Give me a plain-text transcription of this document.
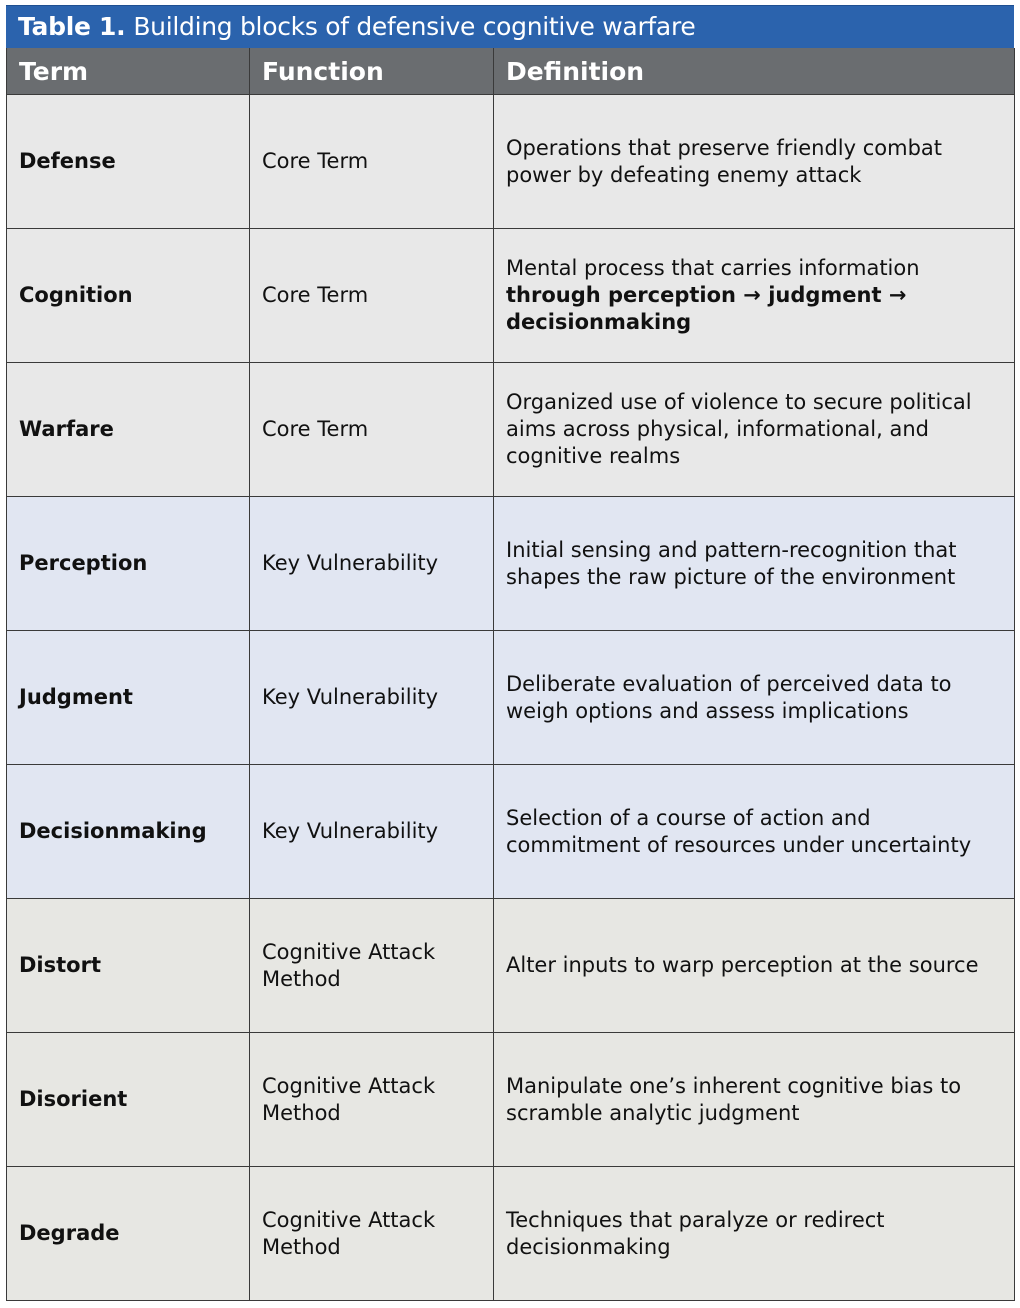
Table 1. Building blocks of defensive cognitive warfare
Term	Function	Definition
Defense	Core Term	Operations that preserve friendly combat power by defeating enemy attack
Cognition	Core Term	Mental process that carries information through perception → judgment → decisionmaking
Warfare	Core Term	Organized use of violence to secure political aims across physical, informational, and cognitive realms
Perception	Key Vulnerability	Initial sensing and pattern-recognition that shapes the raw picture of the environment
Judgment	Key Vulnerability	Deliberate evaluation of perceived data to weigh options and assess implications
Decisionmaking	Key Vulnerability	Selection of a course of action and commitment of resources under uncertainty
Distort	Cognitive Attack Method	Alter inputs to warp perception at the source
Disorient	Cognitive Attack Method	Manipulate one’s inherent cognitive bias to scramble analytic judgment
Degrade	Cognitive Attack Method	Techniques that paralyze or redirect decisionmaking
